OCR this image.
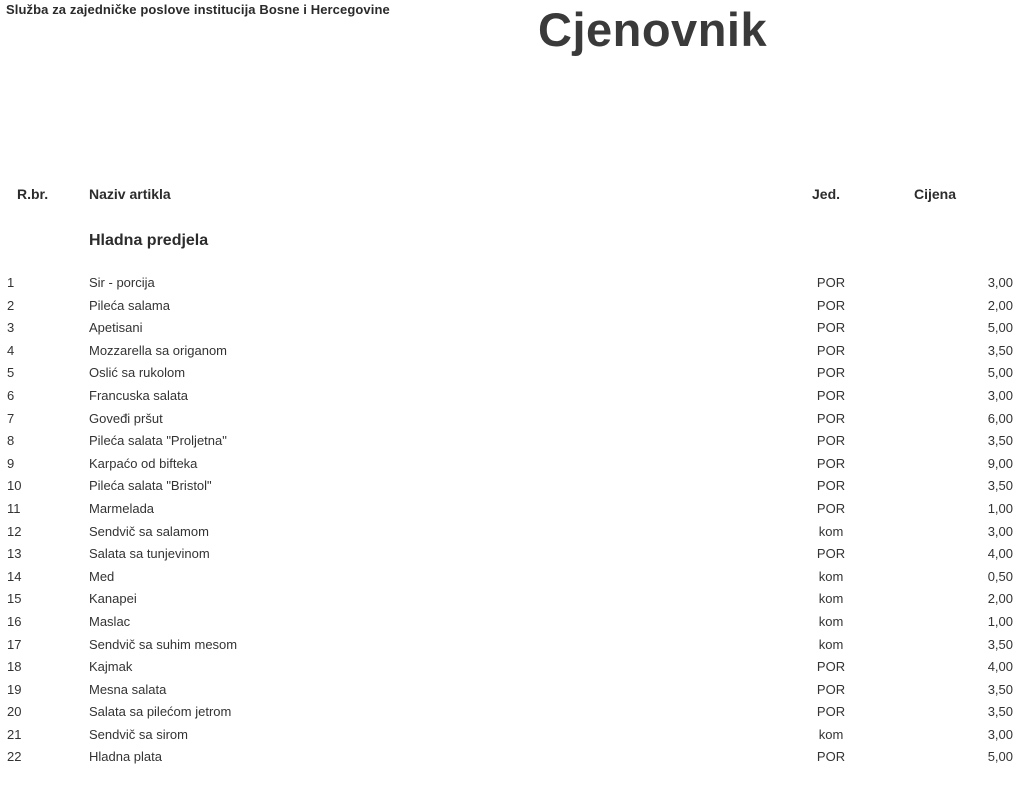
Služba za zajedničke poslove institucija Bosne i Hercegovine	Cjenovnik
R.br.	Naziv artikla	Jed.	Cijena
Hladna predjela
1	Sir - porcija	POR	3,00
2	Pileća salama	POR	2,00
3	Apetisani	POR	5,00
4	Mozzarella sa origanom	POR	3,50
5	Oslić sa rukolom	POR	5,00
6	Francuska salata	POR	3,00
7	Goveđi pršut	POR	6,00
8	Pileća salata "Proljetna"	POR	3,50
9	Karpaćo od bifteka	POR	9,00
10	Pileća salata "Bristol"	POR	3,50
11	Marmelada	POR	1,00
12	Sendvič sa salamom	kom	3,00
13	Salata sa tunjevinom	POR	4,00
14	Med	kom	0,50
15	Kanapei	kom	2,00
16	Maslac	kom	1,00
17	Sendvič sa suhim mesom	kom	3,50
18	Kajmak	POR	4,00
19	Mesna salata	POR	3,50
20	Salata sa pilećom jetrom	POR	3,50
21	Sendvič sa sirom	kom	3,00
22	Hladna plata	POR	5,00
